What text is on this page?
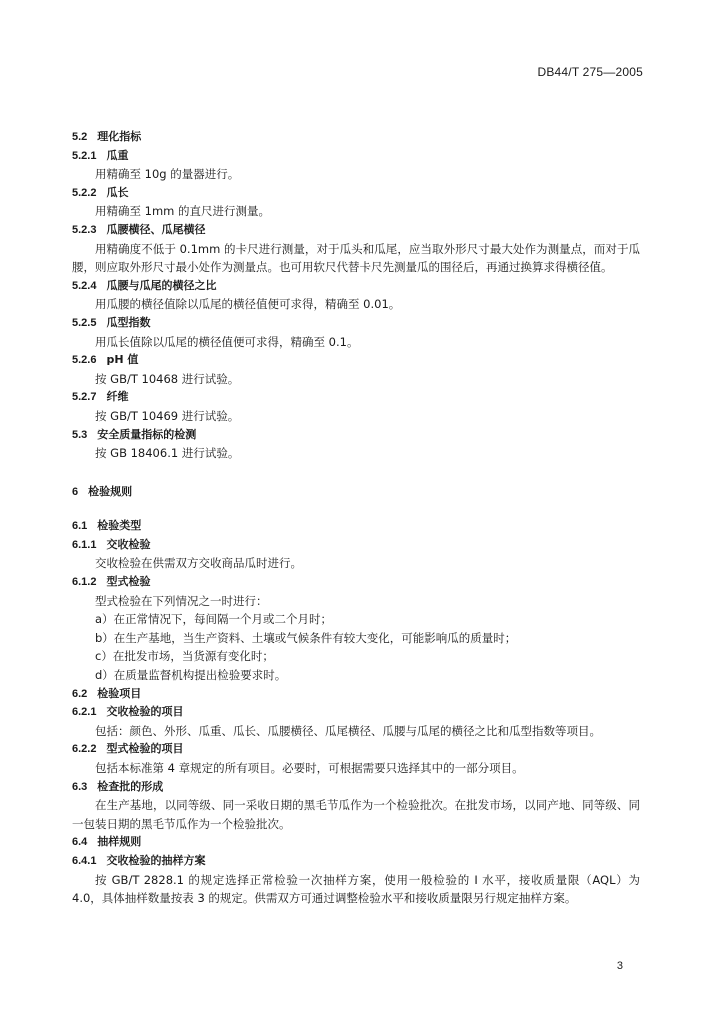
DB44/T 275—2005
5.2 理化指标
5.2.1 瓜重
用精确至 10g 的量器进行。
5.2.2 瓜长
用精确至 1mm 的直尺进行测量。
5.2.3 瓜腰横径、瓜尾横径
用精确度不低于 0.1mm 的卡尺进行测量，对于瓜头和瓜尾，应当取外形尺寸最大处作为测量点，而对于瓜腰，则应取外形尺寸最小处作为测量点。也可用软尺代替卡尺先测量瓜的围径后，再通过换算求得横径值。
5.2.4 瓜腰与瓜尾的横径之比
用瓜腰的横径值除以瓜尾的横径值便可求得，精确至 0.01。
5.2.5 瓜型指数
用瓜长值除以瓜尾的横径值便可求得，精确至 0.1。
5.2.6 pH 值
按 GB/T 10468 进行试验。
5.2.7 纤维
按 GB/T 10469 进行试验。
5.3 安全质量指标的检测
按 GB 18406.1 进行试验。
6 检验规则
6.1 检验类型
6.1.1 交收检验
交收检验在供需双方交收商品瓜时进行。
6.1.2 型式检验
型式检验在下列情况之一时进行：
a）在正常情况下，每间隔一个月或二个月时；
b）在生产基地，当生产资料、土壤或气候条件有较大变化，可能影响瓜的质量时；
c）在批发市场，当货源有变化时；
d）在质量监督机构提出检验要求时。
6.2 检验项目
6.2.1 交收检验的项目
包括：颜色、外形、瓜重、瓜长、瓜腰横径、瓜尾横径、瓜腰与瓜尾的横径之比和瓜型指数等项目。
6.2.2 型式检验的项目
包括本标准第 4 章规定的所有项目。必要时，可根据需要只选择其中的一部分项目。
6.3 检查批的形成
在生产基地，以同等级、同一采收日期的黑毛节瓜作为一个检验批次。在批发市场，以同产地、同等级、同一包装日期的黑毛节瓜作为一个检验批次。
6.4 抽样规则
6.4.1 交收检验的抽样方案
按 GB/T 2828.1 的规定选择正常检验一次抽样方案，使用一般检验的 I 水平，接收质量限（AQL）为 4.0，具体抽样数量按表 3 的规定。供需双方可通过调整检验水平和接收质量限另行规定抽样方案。
3
